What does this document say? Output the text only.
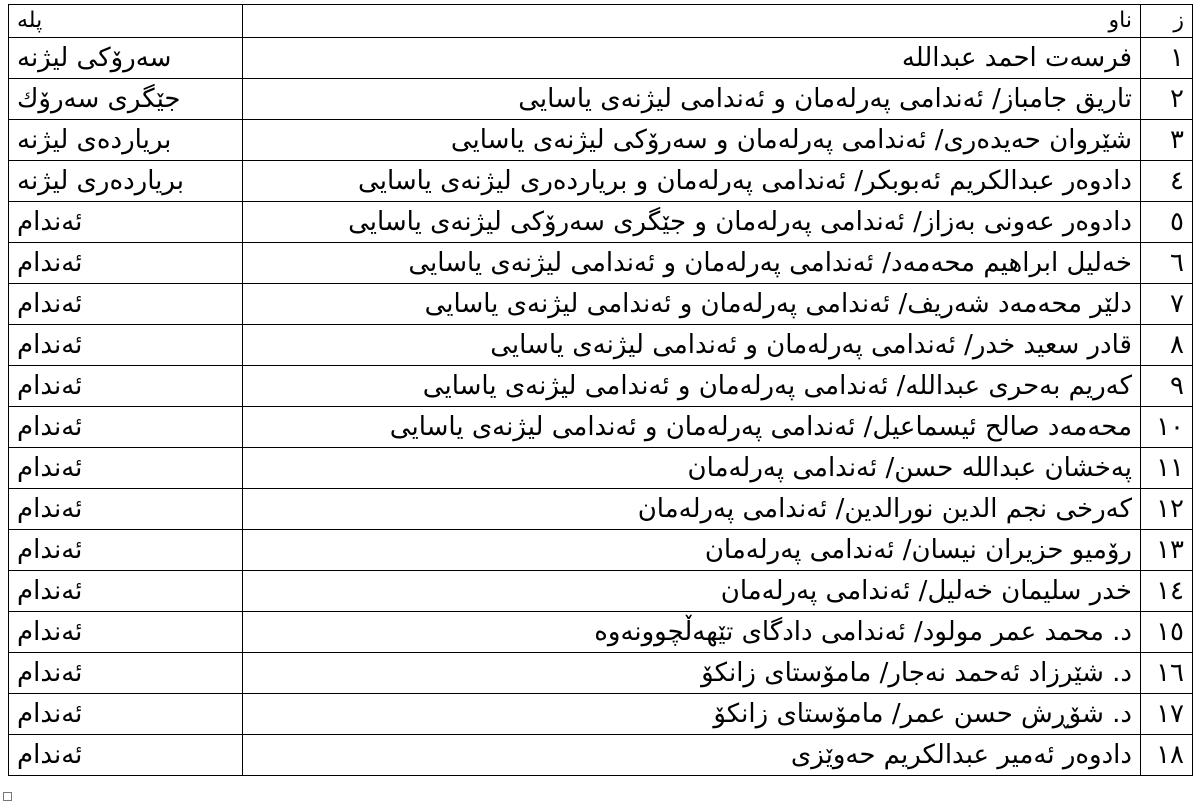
ز	ناو	پله
١	فرسەت احمد عبدالله	سەرۆکی لیژنە
٢	تاریق جامباز/ ئەندامی پەرلەمان و ئەندامی لیژنەی یاسایی	جێگری سەرۆك
٣	شێروان حەیدەری/ ئەندامی پەرلەمان و سەرۆکی لیژنەی یاسایی	بریاردەی لیژنە
٤	دادوەر عبدالکریم ئەبوبکر/ ئەندامی پەرلەمان و بریاردەری لیژنەی یاسایی	بریاردەری لیژنە
٥	دادوەر عەونی بەزاز/ ئەندامی پەرلەمان و جێگری سەرۆکی لیژنەی یاسایی	ئەندام
٦	خەلیل ابراهیم محەمەد/ ئەندامی پەرلەمان و ئەندامی لیژنەی یاسایی	ئەندام
٧	دلێر محەمەد شەریف/ ئەندامی پەرلەمان و ئەندامی لیژنەی یاسایی	ئەندام
٨	قادر سعید خدر/ ئەندامی پەرلەمان و ئەندامی لیژنەی یاسایی	ئەندام
٩	کەریم بەحری عبدالله/ ئەندامی پەرلەمان و ئەندامی لیژنەی یاسایی	ئەندام
١٠	محەمەد صالح ئیسماعیل/ ئەندامی پەرلەمان و ئەندامی لیژنەی یاسایی	ئەندام
١١	پەخشان عبدالله حسن/ ئەندامی پەرلەمان	ئەندام
١٢	کەرخی نجم الدین نورالدین/ ئەندامی پەرلەمان	ئەندام
١٣	رۆمیو حزیران نیسان/ ئەندامی پەرلەمان	ئەندام
١٤	خدر سلیمان خەلیل/ ئەندامی پەرلەمان	ئەندام
١٥	د. محمد عمر مولود/ ئەندامی دادگای تێهەڵچوونەوە	ئەندام
١٦	د. شێرزاد ئەحمد نەجار/ مامۆستای زانکۆ	ئەندام
١٧	د. شۆڕش حسن عمر/ مامۆستای زانکۆ	ئەندام
١٨	دادوەر ئەمیر عبدالکریم حەوێزی	ئەندام
